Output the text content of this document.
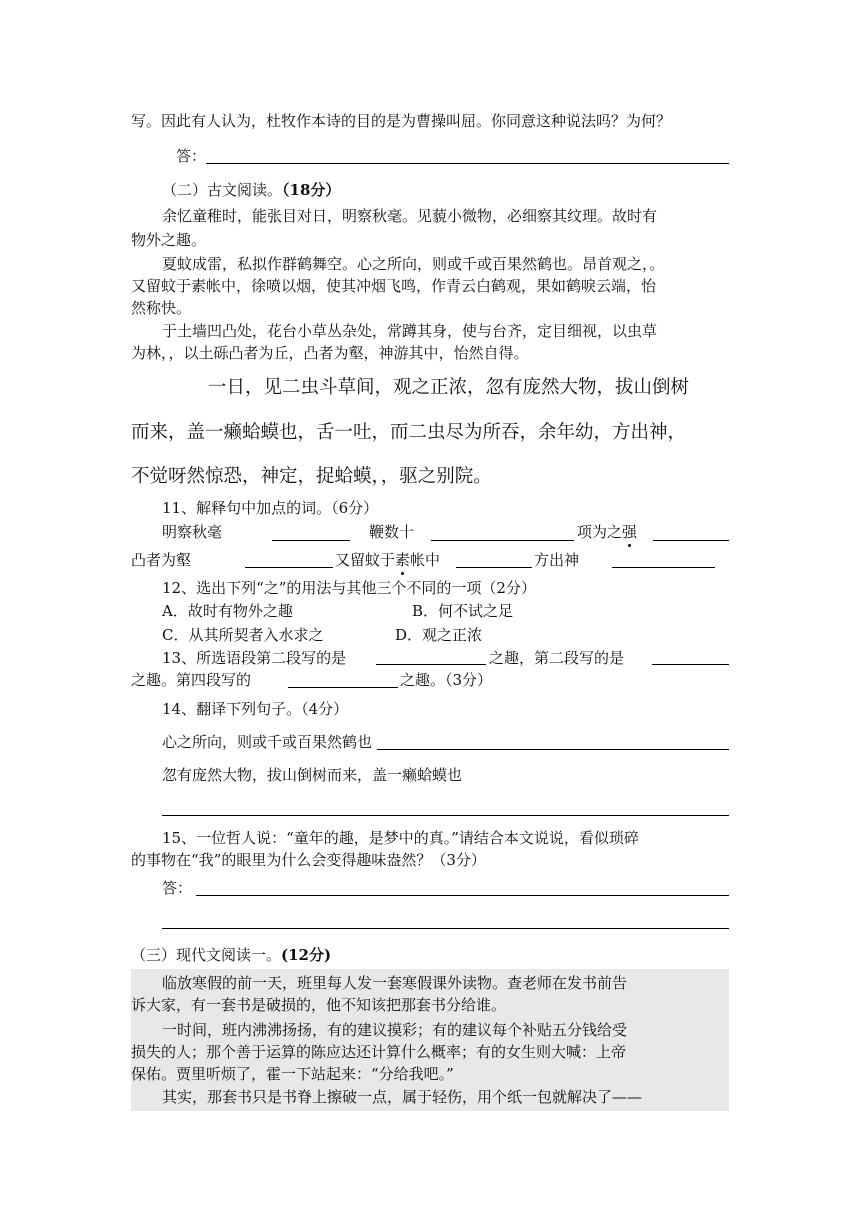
写。因此有人认为，杜牧作本诗的目的是为曹操叫屈。你同意这种说法吗？为何？
答：
（二）古文阅读。（18分）
余忆童稚时，能张目对日，明察秋毫。见藐小微物，必细察其纹理。故时有
物外之趣。
夏蚊成雷，私拟作群鹤舞空。心之所向，则或千或百果然鹤也。昂首观之，。
又留蚊于素帐中，徐喷以烟，使其冲烟飞鸣，作青云白鹤观，果如鹤唳云端，怡
然称快。
于土墙凹凸处，花台小草丛杂处，常蹲其身，使与台齐，定目细视，以虫草
为林，，以土砾凸者为丘，凸者为壑，神游其中，怡然自得。
一日，见二虫斗草间，观之正浓，忽有庞然大物，拔山倒树
而来，盖一癞蛤蟆也，舌一吐，而二虫尽为所吞，余年幼，方出神，
不觉呀然惊恐，神定，捉蛤蟆，，驱之别院。
11、解释句中加点的词。（6分）
明察秋毫	鞭数十	项为之强
凸者为壑	又留蚊于素帐中	方出神
12、选出下列“之”的用法与其他三个不同的一项（2分）
A．故时有物外之趣	B．何不试之足
C．从其所契者入水求之	D．观之正浓
13、所选语段第二段写的是	之趣，第二段写的是
之趣。第四段写的	之趣。（3分）
14、翻译下列句子。（4分）
心之所向，则或千或百果然鹤也
忽有庞然大物，拔山倒树而来，盖一癞蛤蟆也
15、一位哲人说：“童年的趣，是梦中的真。”请结合本文说说，看似琐碎
的事物在“我”的眼里为什么会变得趣味盎然？（3分）
答：
（三）现代文阅读一。(12分)
临放寒假的前一天，班里每人发一套寒假课外读物。查老师在发书前告
诉大家，有一套书是破损的，他不知该把那套书分给谁。
一时间，班内沸沸扬扬，有的建议摸彩；有的建议每个补贴五分钱给受
损失的人；那个善于运算的陈应达还计算什么概率；有的女生则大喊：上帝
保佑。贾里听烦了，霍一下站起来：“分给我吧。”
其实，那套书只是书脊上擦破一点，属于轻伤，用个纸一包就解决了——
